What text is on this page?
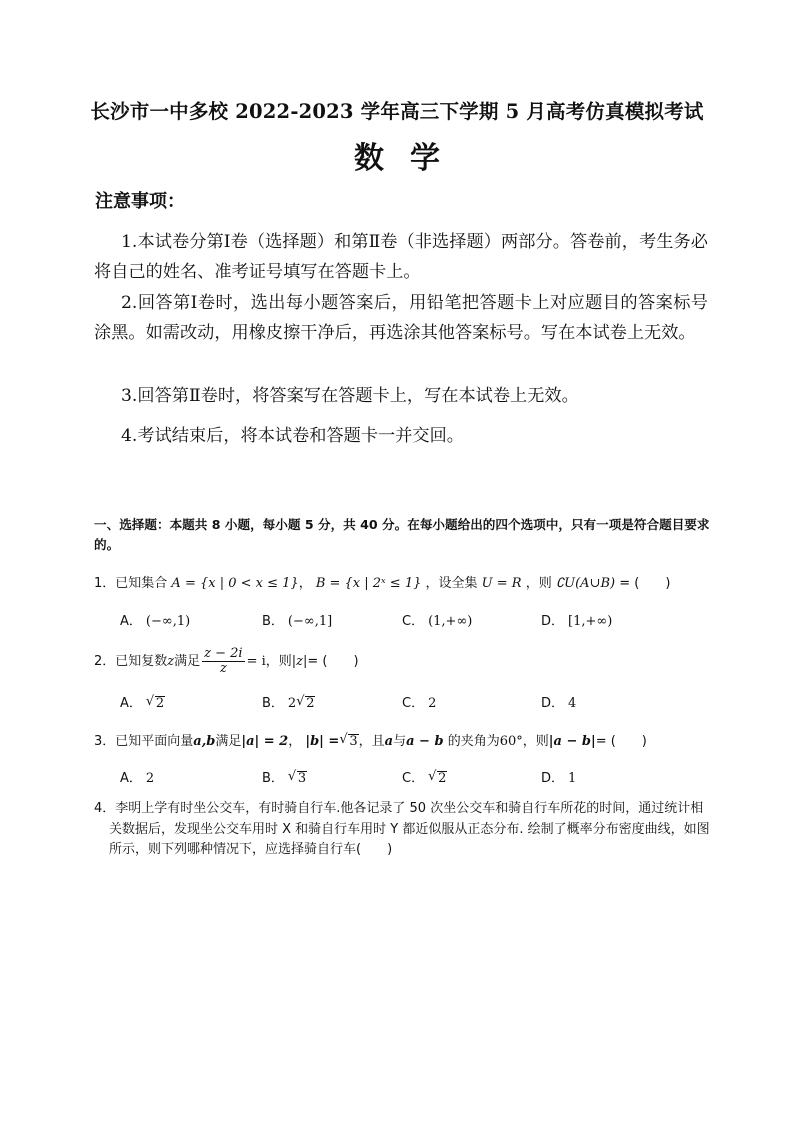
长沙市一中多校 2022-2023 学年高三下学期 5 月高考仿真模拟考试
数学
注意事项：
1.本试卷分第Ⅰ卷（选择题）和第Ⅱ卷（非选择题）两部分。答卷前，考生务必将自己的姓名、准考证号填写在答题卡上。
2.回答第Ⅰ卷时，选出每小题答案后，用铅笔把答题卡上对应题目的答案标号涂黑。如需改动，用橡皮擦干净后，再选涂其他答案标号。写在本试卷上无效。
3.回答第Ⅱ卷时，将答案写在答题卡上，写在本试卷上无效。
4.考试结束后，将本试卷和答题卡一并交回。
一、选择题：本题共 8 小题，每小题 5 分，共 40 分。在每小题给出的四个选项中，只有一项是符合题目要求的。
1．已知集合 A = {x | 0 < x ≤ 1}， B = {x | 2ˣ ≤ 1} ，设全集 U = R ，则 ∁U(A∪B) = (　　)
A． (−∞,1)	B． (−∞,1]	C． (1,+∞)	D． [1,+∞)
2．已知复数z满足 $\frac{z - 2i}{z} = i$，则|z|= (　　)
A． √ 2	B． 2 √ 2	C． 2	D． 4
3．已知平面向量a,b满足|a| = 2， |b| = √ 3，且a与a − b 的夹角为60°，则|a − b|= (　　)
A． 2	B． √ 3	C． √ 2	D． 1
4．李明上学有时坐公交车，有时骑自行车.他各记录了 50 次坐公交车和骑自行车所花的时间，通过统计相关数据后，发现坐公交车用时 X 和骑自行车用时 Y 都近似服从正态分布. 绘制了概率分布密度曲线，如图所示，则下列哪种情况下，应选择骑自行车(　　)
